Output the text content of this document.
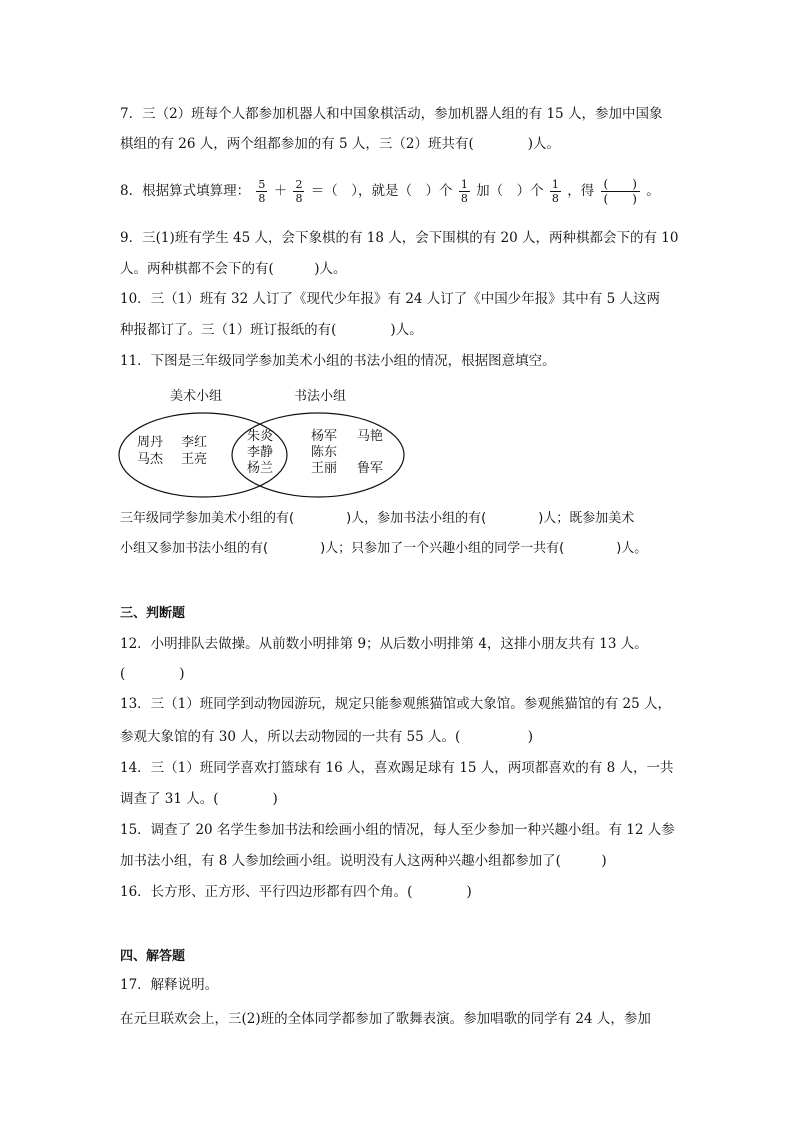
7．三（2）班每个人都参加机器人和中国象棋活动，参加机器人组的有 15 人，参加中国象
棋组的有 26 人，两个组都参加的有 5 人，三（2）班共有(　　　　)人。
8．根据算式填算理： $\frac{5}{8} + \frac{2}{8}$ ＝（　），就是（　）个 $\frac{1}{8}$ 加（　）个 $\frac{1}{8}$ ，得 (　　)
(　　) 。
9．三(1)班有学生 45 人，会下象棋的有 18 人，会下围棋的有 20 人，两种棋都会下的有 10
人。两种棋都不会下的有(　　　)人。
10．三（1）班有 32 人订了《现代少年报》有 24 人订了《中国少年报》其中有 5 人这两
种报都订了。三（1）班订报纸的有(　　　　)人。
11．下图是三年级同学参加美术小组的书法小组的情况，根据图意填空。
美术小组	书法小组
周丹 李红
马杰 王亮
朱炎
李静
杨兰
杨军 马艳
陈东
王丽 鲁军
三年级同学参加美术小组的有(　　　　)人，参加书法小组的有(　　　　)人；既参加美术
小组又参加书法小组的有(　　　　)人；只参加了一个兴趣小组的同学一共有(　　　　)人。
三、判断题
12．小明排队去做操。从前数小明排第 9；从后数小明排第 4，这排小朋友共有 13 人。
(　　　　)
13．三（1）班同学到动物园游玩，规定只能参观熊猫馆或大象馆。参观熊猫馆的有 25 人，
参观大象馆的有 30 人，所以去动物园的一共有 55 人。(　　　　　)
14．三（1）班同学喜欢打篮球有 16 人，喜欢踢足球有 15 人，两项都喜欢的有 8 人，一共
调查了 31 人。(　　　　)
15．调查了 20 名学生参加书法和绘画小组的情况，每人至少参加一种兴趣小组。有 12 人参
加书法小组，有 8 人参加绘画小组。说明没有人这两种兴趣小组都参加了(　　　)
16．长方形、正方形、平行四边形都有四个角。(　　　　)
四、解答题
17．解释说明。
在元旦联欢会上，三(2)班的全体同学都参加了歌舞表演。参加唱歌的同学有 24 人，参加
